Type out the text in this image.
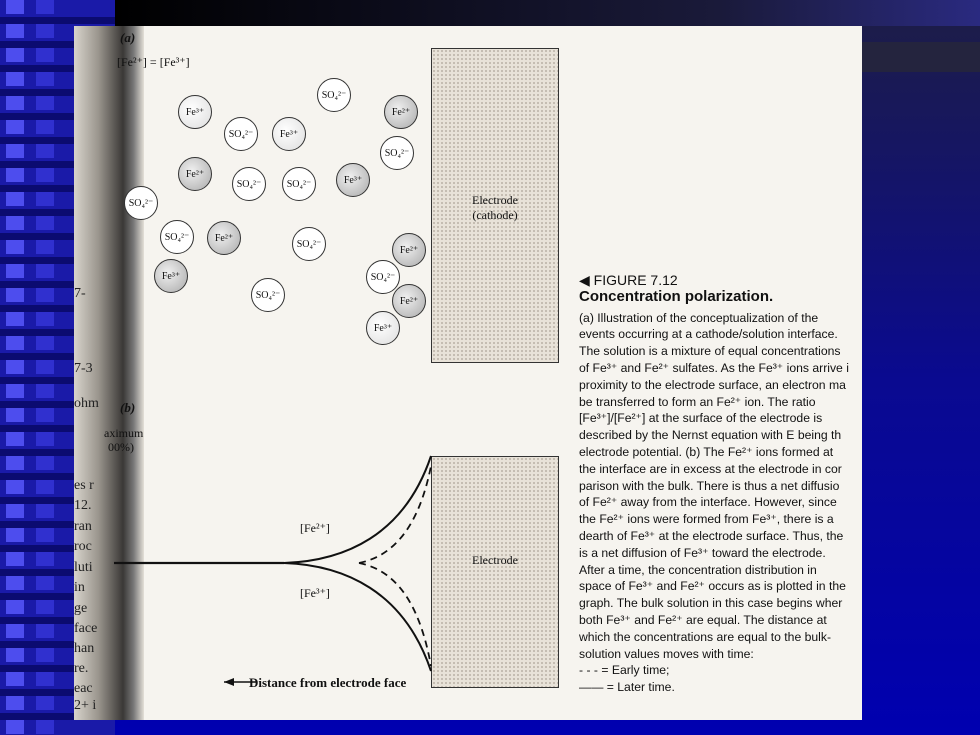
7-
7-3
ohm
es r
12.
ran
roc
luti
in
ge
face
han
re.
eac
2+ i
(a)
[Fe²⁺] = [Fe³⁺]
Electrode
(cathode)
Fe³⁺
SO₄²⁻
Fe²⁺
SO₄²⁻	Fe³⁺
SO₄²⁻
Fe²⁺
SO₄²⁻	SO₄²⁻	Fe³⁺
SO₄²⁻
SO₄²⁻	Fe²⁺
SO₄²⁻
Fe²⁺
Fe³⁺	SO₄²⁻
SO₄²⁻
Fe²⁺
Fe³⁺
(b)
aximum
00%)
Electrode
[Fe²⁺]
[Fe³⁺]
Distance from electrode face
◀ FIGURE 7.12
Concentration polarization.
(a) Illustration of the conceptualization of the
events occurring at a cathode/solution interface.
The solution is a mixture of equal concentrations
of Fe³⁺ and Fe²⁺ sulfates. As the Fe³⁺ ions arrive i
proximity to the electrode surface, an electron ma
be transferred to form an Fe²⁺ ion. The ratio
[Fe³⁺]/[Fe²⁺] at the surface of the electrode is
described by the Nernst equation with E being th
electrode potential. (b) The Fe²⁺ ions formed at
the interface are in excess at the electrode in cor
parison with the bulk. There is thus a net diffusio
of Fe²⁺ away from the interface. However, since
the Fe²⁺ ions were formed from Fe³⁺, there is a
dearth of Fe³⁺ at the electrode surface. Thus, the
is a net diffusion of Fe³⁺ toward the electrode.
After a time, the concentration distribution in
space of Fe³⁺ and Fe²⁺ occurs as is plotted in the
graph. The bulk solution in this case begins wher
both Fe³⁺ and Fe²⁺ are equal. The distance at
which the concentrations are equal to the bulk-
solution values moves with time:
- - - = Early time;
—— = Later time.
